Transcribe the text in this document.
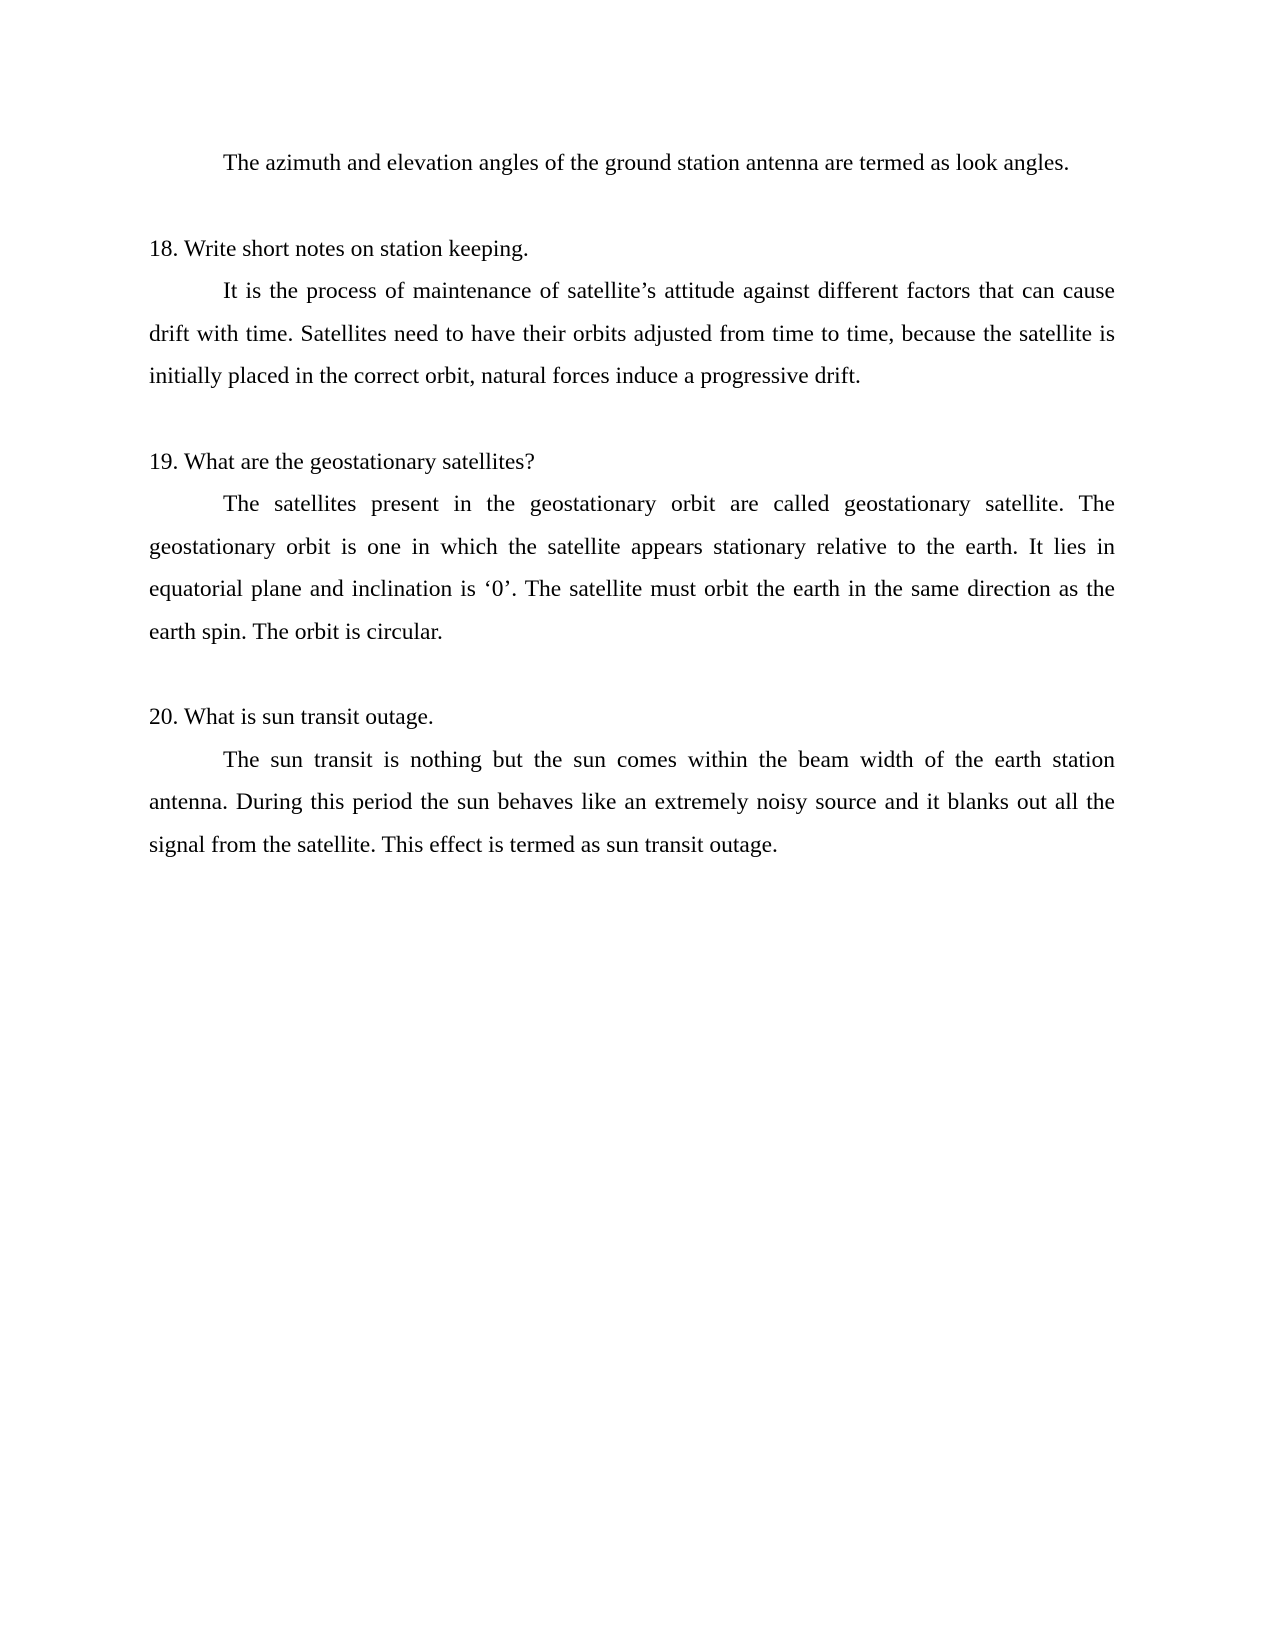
The azimuth and elevation angles of the ground station antenna are termed as look angles.

18. Write short notes on station keeping.

It is the process of maintenance of satellite’s attitude against different factors that can cause drift with time. Satellites need to have their orbits adjusted from time to time, because the satellite is initially placed in the correct orbit, natural forces induce a progressive drift.

19. What are the geostationary satellites?

The satellites present in the geostationary orbit are called geostationary satellite. The geostationary orbit is one in which the satellite appears stationary relative to the earth. It lies in equatorial plane and inclination is ‘0’. The satellite must orbit the earth in the same direction as the earth spin. The orbit is circular.

20. What is sun transit outage.

The sun transit is nothing but the sun comes within the beam width of the earth station antenna. During this period the sun behaves like an extremely noisy source and it blanks out all the signal from the satellite. This effect is termed as sun transit outage.
